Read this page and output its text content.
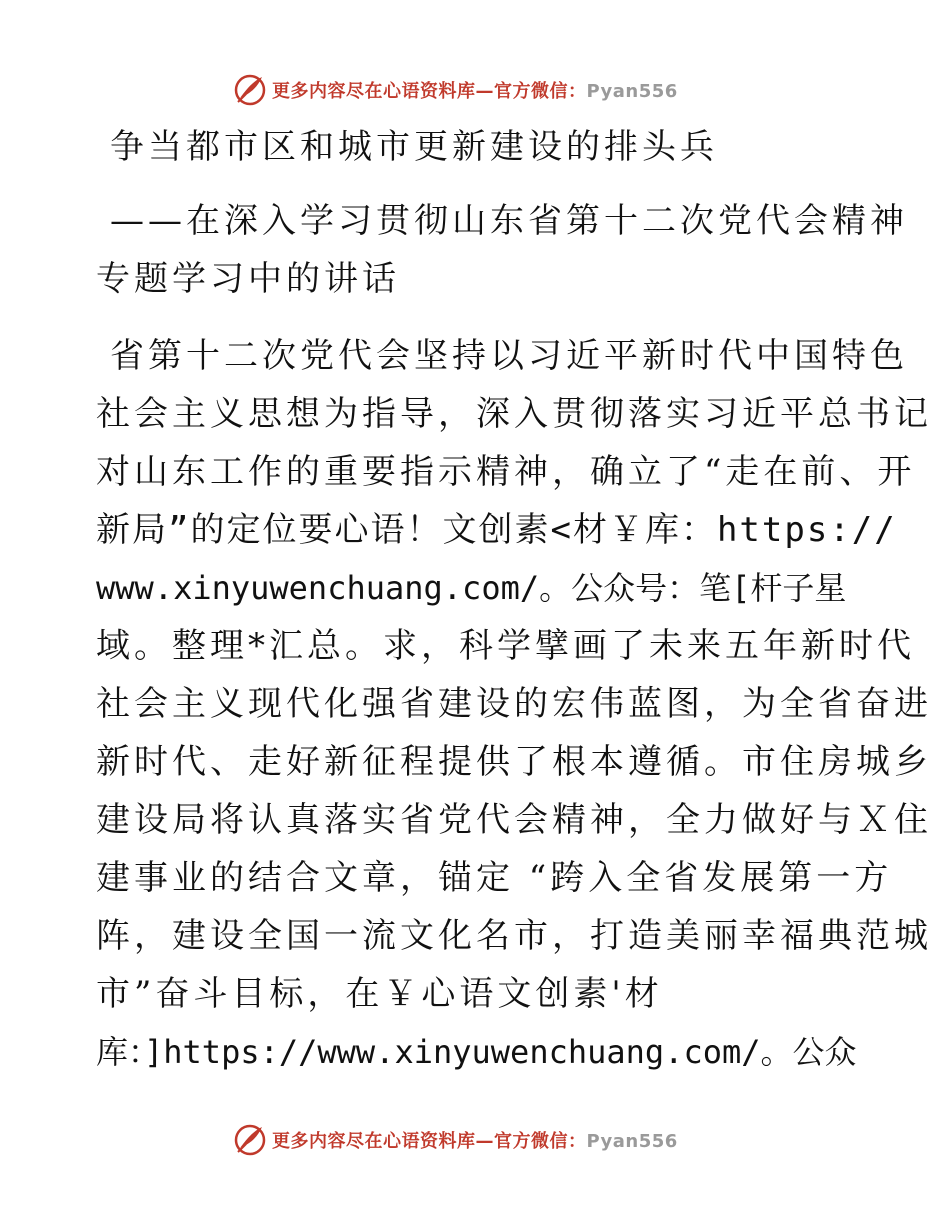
更多内容尽在心语资料库—官方微信：Pyan556
争当都市区和城市更新建设的排头兵
——在深入学习贯彻山东省第十二次党代会精神
专题学习中的讲话
省第十二次党代会坚持以习近平新时代中国特色
社会主义思想为指导，深入贯彻落实习近平总书记
对山东工作的重要指示精神，确立了“走在前、开
新局”的定位要心语！文创素<材￥库：https://
www.xinyuwenchuang.com/。公众号：笔[杆子星
域。整理*汇总。求，科学擘画了未来五年新时代
社会主义现代化强省建设的宏伟蓝图，为全省奋进
新时代、走好新征程提供了根本遵循。市住房城乡
建设局将认真落实省党代会精神，全力做好与Ｘ住
建事业的结合文章，锚定 “跨入全省发展第一方
阵，建设全国一流文化名市，打造美丽幸福典范城
市”奋斗目标，在￥心语文创素'材
库：]https://www.xinyuwenchuang.com/。公众
更多内容尽在心语资料库—官方微信：Pyan556
